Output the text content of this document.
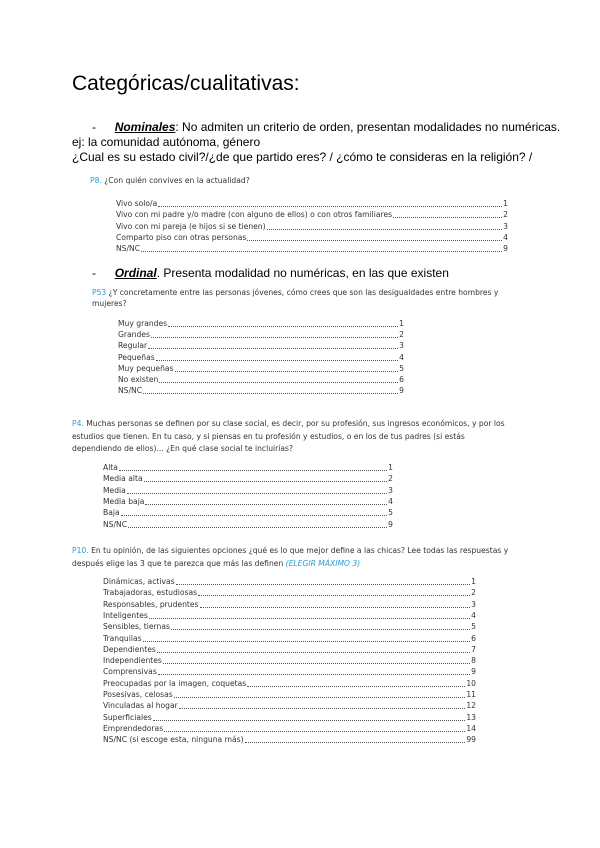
Categóricas/cualitativas:
- Nominales: No admiten un criterio de orden, presentan modalidades no numéricas.
ej: la comunidad autónoma, género
¿Cual es su estado civil?/¿de que partido eres? / ¿cómo te consideras en la religión? /
P8. ¿Con quién convives en la actualidad?
Vivo solo/a	1
Vivo con mi padre y/o madre (con alguno de ellos) o con otros familiares	2
Vivo con mi pareja (e hijos si se tienen)	3
Comparto piso con otras personas	4
NS/NC	9
- Ordinal. Presenta modalidad no numéricas, en las que existen
P53 ¿Y concretamente entre las personas jóvenes, cómo crees que son las desigualdades entre hombres y mujeres?
Muy grandes	1
Grandes	2
Regular	3
Pequeñas	4
Muy pequeñas	5
No existen	6
NS/NC	9
P4. Muchas personas se definen por su clase social, es decir, por su profesión, sus ingresos económicos, y por los estudios que tienen. En tu caso, y si piensas en tu profesión y estudios, o en los de tus padres (si estás dependiendo de ellos)... ¿En qué clase social te incluirías?
Alta	1
Media alta	2
Media	3
Media baja	4
Baja	5
NS/NC	9
P10. En tu opinión, de las siguientes opciones ¿qué es lo que mejor define a las chicas? Lee todas las respuestas y después elige las 3 que te parezca que más las definen (ELEGIR MÁXIMO 3)
Dinámicas, activas	1
Trabajadoras, estudiosas	2
Responsables, prudentes	3
Inteligentes	4
Sensibles, tiernas	5
Tranquilas	6
Dependientes	7
Independientes	8
Comprensivas	9
Preocupadas por la imagen, coquetas	10
Posesivas, celosas	11
Vinculadas al hogar	12
Superficiales	13
Emprendedoras	14
NS/NC (si escoge esta, ninguna más)	99
